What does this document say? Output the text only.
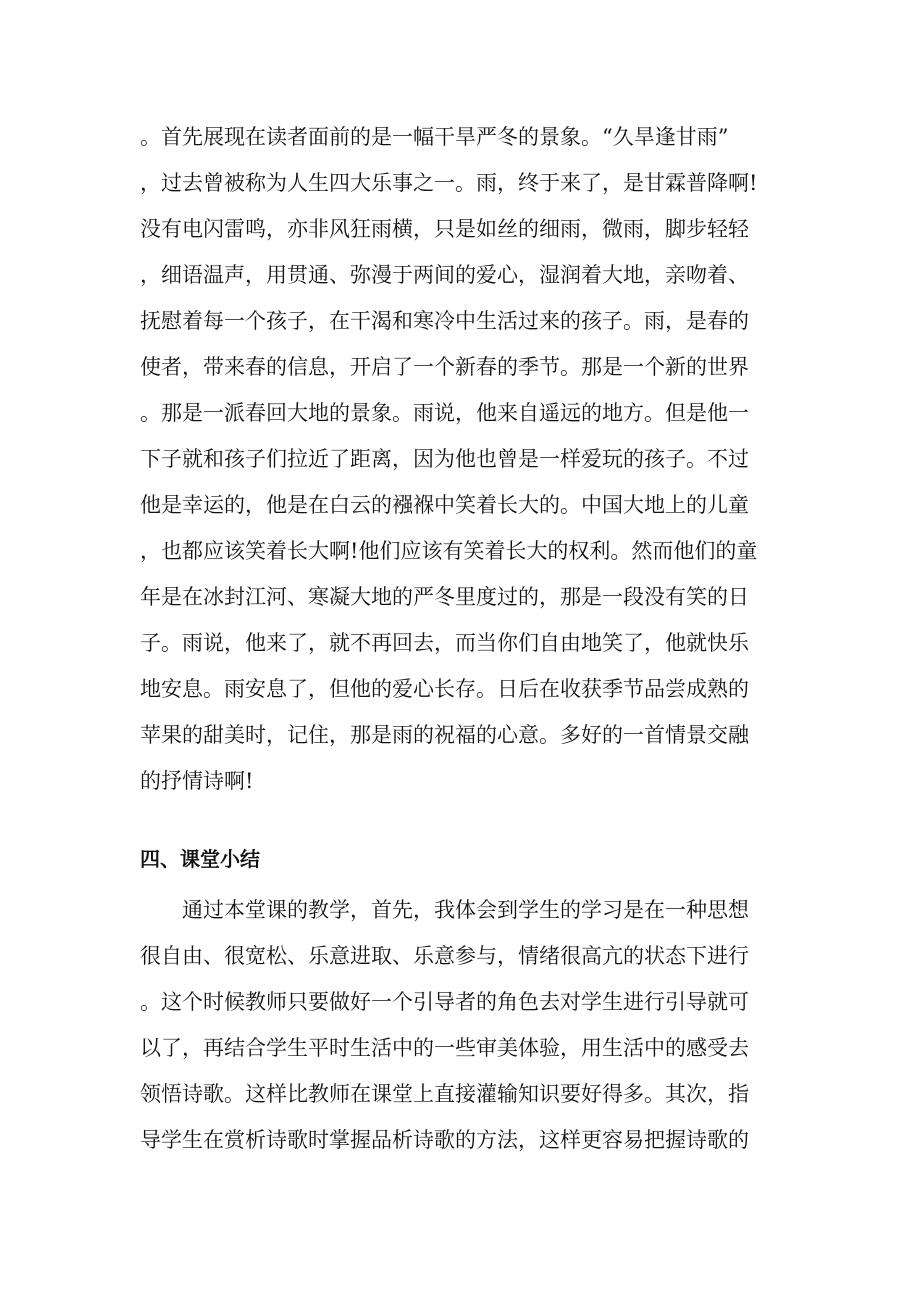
。首先展现在读者面前的是一幅干旱严冬的景象。“久旱逢甘雨”
，过去曾被称为人生四大乐事之一。雨，终于来了，是甘霖普降啊!
没有电闪雷鸣，亦非风狂雨横，只是如丝的细雨，微雨，脚步轻轻
，细语温声，用贯通、弥漫于两间的爱心，湿润着大地，亲吻着、
抚慰着每一个孩子，在干渴和寒冷中生活过来的孩子。雨，是春的
使者，带来春的信息，开启了一个新春的季节。那是一个新的世界
。那是一派春回大地的景象。雨说，他来自遥远的地方。但是他一
下子就和孩子们拉近了距离，因为他也曾是一样爱玩的孩子。不过
他是幸运的，他是在白云的襁褓中笑着长大的。中国大地上的儿童
，也都应该笑着长大啊!他们应该有笑着长大的权利。然而他们的童
年是在冰封江河、寒凝大地的严冬里度过的，那是一段没有笑的日
子。雨说，他来了，就不再回去，而当你们自由地笑了，他就快乐
地安息。雨安息了，但他的爱心长存。日后在收获季节品尝成熟的
苹果的甜美时，记住，那是雨的祝福的心意。多好的一首情景交融
的抒情诗啊!
四、课堂小结
　　通过本堂课的教学，首先，我体会到学生的学习是在一种思想
很自由、很宽松、乐意进取、乐意参与，情绪很高亢的状态下进行
。这个时候教师只要做好一个引导者的角色去对学生进行引导就可
以了，再结合学生平时生活中的一些审美体验，用生活中的感受去
领悟诗歌。这样比教师在课堂上直接灌输知识要好得多。其次，指
导学生在赏析诗歌时掌握品析诗歌的方法，这样更容易把握诗歌的
